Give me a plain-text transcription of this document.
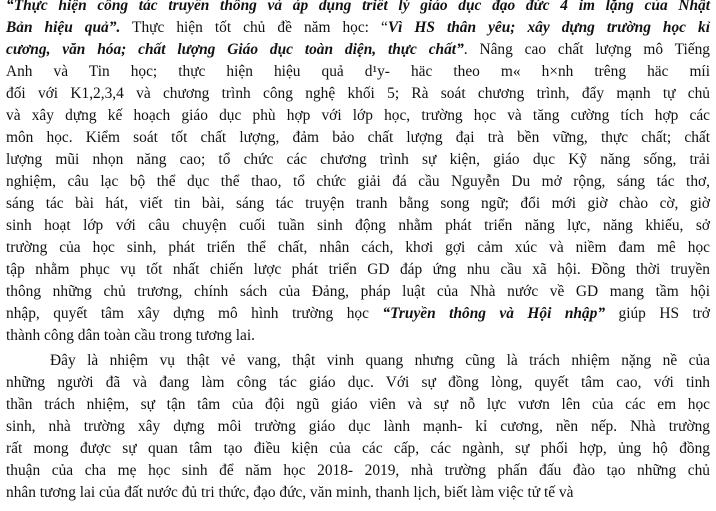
“Thực hiện công tác truyền thông và áp dụng triết lý giáo dục đạo đức 4 im lặng của Nhật
Bản hiệu quả”. Thực hiện tốt chủ đề năm học: “Vì HS thân yêu; xây dựng trường học kỉ
cương, văn hóa; chất lượng Giáo dục toàn diện, thực chất”. Nâng cao chất lượng mô Tiếng
Anh và Tin học; thực hiện hiệu quả d¹y- häc theo m« h×nh trêng häc míi
đối với K1,2,3,4 và chương trình công nghệ khối 5; Rà soát chương trình, đẩy mạnh tự chủ
và xây dựng kế hoạch giáo dục phù hợp với lớp học, trường học và tăng cường tích hợp các
môn học. Kiểm soát tốt chất lượng, đảm bảo chất lượng đại trà bền vững, thực chất; chất
lượng mũi nhọn năng cao; tổ chức các chương trình sự kiện, giáo dục Kỹ năng sống, trải
nghiệm, câu lạc bộ thể dục thể thao, tổ chức giải đá cầu Nguyễn Du mở rộng, sáng tác thơ,
sáng tác bài hát, viết tin bài, sáng tác truyện tranh bằng song ngữ; đổi mới giờ chào cờ, giờ
sinh hoạt lớp với câu chuyện cuối tuần sinh động nhằm phát triển năng lực, năng khiếu, sở
trường của học sinh, phát triển thể chất, nhân cách, khơi gợi cảm xúc và niềm đam mê học
tập nhằm phục vụ tốt nhất chiến lược phát triển GD đáp ứng nhu cầu xã hội. Đồng thời truyền
thông những chủ trương, chính sách của Đảng, pháp luật của Nhà nước về GD mang tầm hội
nhập, quyết tâm xây dựng mô hình trường học “Truyền thông và Hội nhập” giúp HS trở
thành công dân toàn cầu trong tương lai.
Đây là nhiệm vụ thật vẻ vang, thật vinh quang nhưng cũng là trách nhiệm nặng nề của
những người đã và đang làm công tác giáo dục. Với sự đồng lòng, quyết tâm cao, với tinh
thần trách nhiệm, sự tận tâm của đội ngũ giáo viên và sự nỗ lực vươn lên của các em học
sinh, nhà trường xây dựng môi trường giáo dục lành mạnh- kỉ cương, nền nếp. Nhà trường
rất mong được sự quan tâm tạo điều kiện của các cấp, các ngành, sự phối hợp, ủng hộ đồng
thuận của cha mẹ học sinh để năm học 2018- 2019, nhà trường phấn đấu đào tạo những chủ
nhân tương lai của đất nước đủ tri thức, đạo đức, văn minh, thanh lịch, biết làm việc tử tế và
